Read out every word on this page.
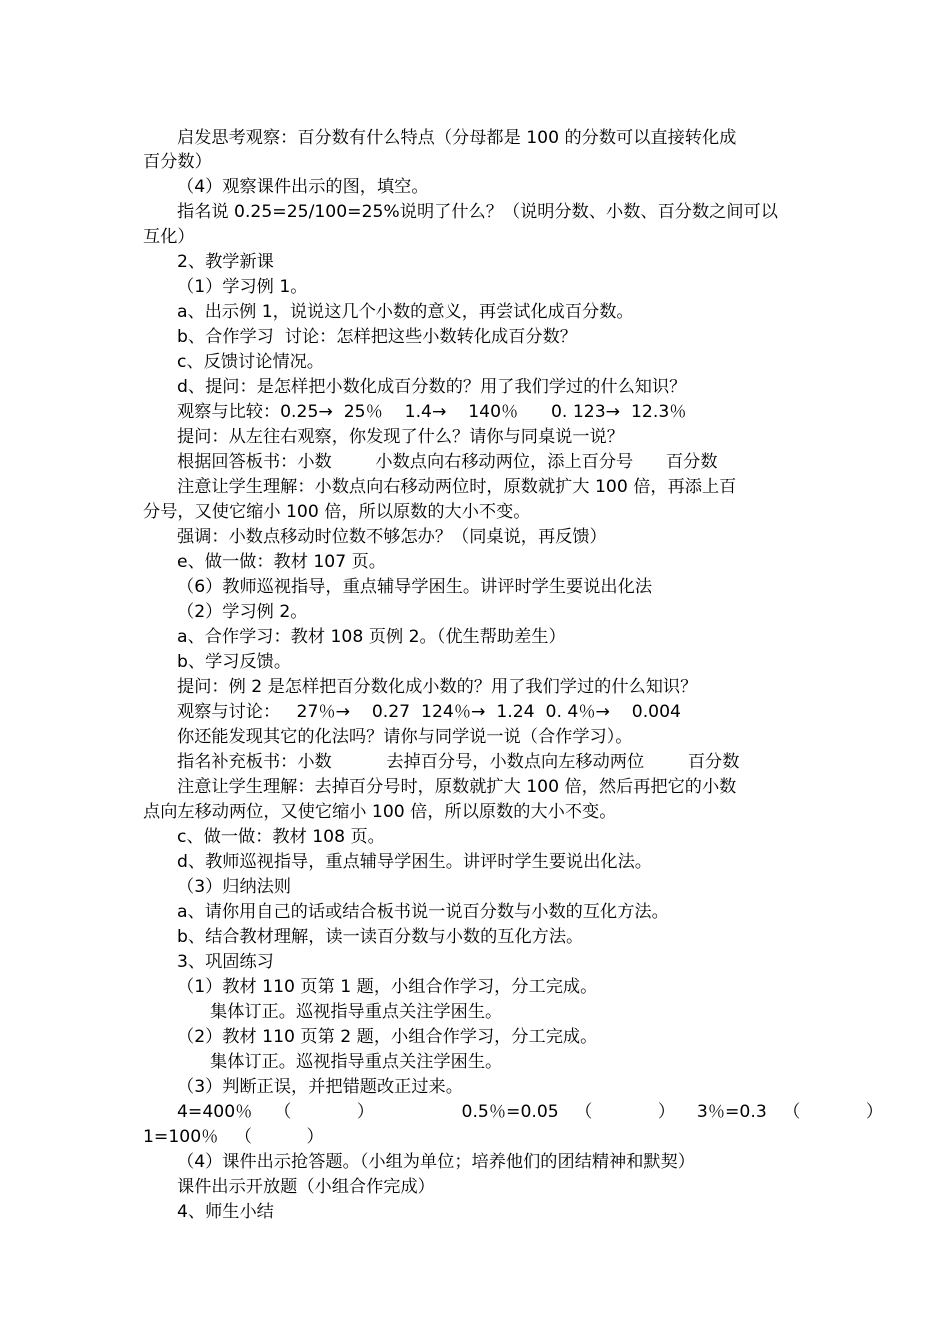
启发思考观察：百分数有什么特点（分母都是 100 的分数可以直接转化成
百分数）
（4）观察课件出示的图，填空。
指名说 0.25=25/100=25%说明了什么？（说明分数、小数、百分数之间可以
互化）
2、教学新课
（1）学习例 1。
a、出示例 1，说说这几个小数的意义，再尝试化成百分数。
b、合作学习  讨论：怎样把这些小数转化成百分数？
c、反馈讨论情况。
d、提问：是怎样把小数化成百分数的？用了我们学过的什么知识？
观察与比较：0.25→  25％    1.4→    140％      0. 123→  12.3％
提问：从左往右观察，你发现了什么？请你与同桌说一说？
根据回答板书：小数        小数点向右移动两位，添上百分号      百分数
注意让学生理解：小数点向右移动两位时，原数就扩大 100 倍，再添上百
分号，又使它缩小 100 倍，所以原数的大小不变。
强调：小数点移动时位数不够怎办？（同桌说，再反馈）
e、做一做：教材 107 页。
（6）教师巡视指导，重点辅导学困生。讲评时学生要说出化法
（2）学习例 2。
a、合作学习：教材 108 页例 2。（优生帮助差生）
b、学习反馈。
提问：例 2 是怎样把百分数化成小数的？用了我们学过的什么知识？
观察与讨论：   27％→    0.27  124％→  1.24  0. 4％→    0.004
你还能发现其它的化法吗？请你与同学说一说（合作学习）。
指名补充板书：小数          去掉百分号，小数点向左移动两位        百分数
注意让学生理解：去掉百分号时，原数就扩大 100 倍，然后再把它的小数
点向左移动两位，又使它缩小 100 倍，所以原数的大小不变。
c、做一做：教材 108 页。
d、教师巡视指导，重点辅导学困生。讲评时学生要说出化法。
（3）归纳法则
a、请你用自己的话或结合板书说一说百分数与小数的互化方法。
b、结合教材理解，读一读百分数与小数的互化方法。
3、巩固练习
（1）教材 110 页第 1 题，小组合作学习，分工完成。
集体订正。巡视指导重点关注学困生。
（2）教材 110 页第 2 题，小组合作学习，分工完成。
集体订正。巡视指导重点关注学困生。
（3）判断正误，并把错题改正过来。
4=400％    （            ）                0.5％=0.05   （            ）    3％=0.3   （            ）
1=100％   （          ）
（4）课件出示抢答题。（小组为单位；培养他们的团结精神和默契）
课件出示开放题（小组合作完成）
4、师生小结
